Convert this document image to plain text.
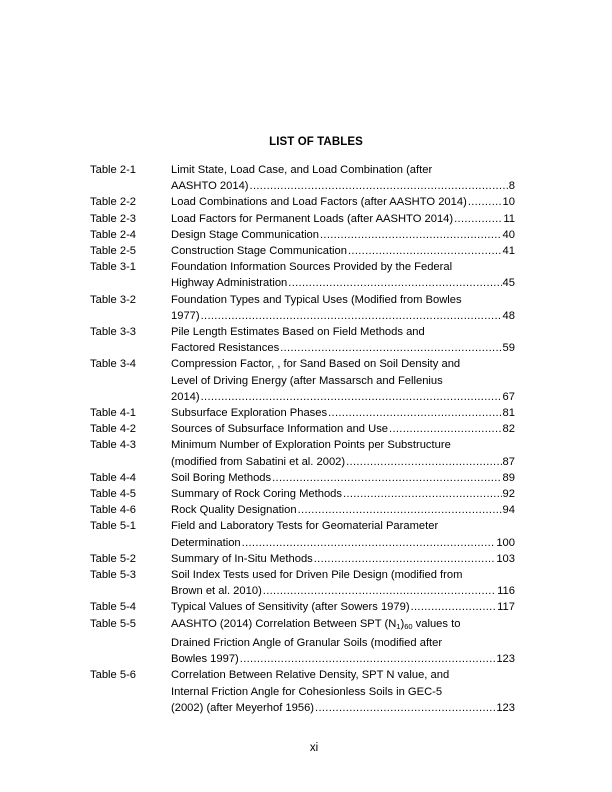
LIST OF TABLES
Table 2-1	Limit State, Load Case, and Load Combination (after
AASHTO 2014) . . .	8
Table 2-2	Load Combinations and Load Factors (after AASHTO 2014) . . .	10
Table 2-3	Load Factors for Permanent Loads (after AASHTO 2014) . . .	11
Table 2-4	Design Stage Communication . . .	40
Table 2-5	Construction Stage Communication . . .	41
Table 3-1	Foundation Information Sources Provided by the Federal
Highway Administration . . .	45
Table 3-2	Foundation Types and Typical Uses (Modified from Bowles
1977) . . .	48
Table 3-3	Pile Length Estimates Based on Field Methods and
Factored Resistances . . .	59
Table 3-4	Compression Factor, , for Sand Based on Soil Density and
Level of Driving Energy (after Massarsch and Fellenius
2014) . . .	67
Table 4-1	Subsurface Exploration Phases . . .	81
Table 4-2	Sources of Subsurface Information and Use . . .	82
Table 4-3	Minimum Number of Exploration Points per Substructure
(modified from Sabatini et al. 2002) . . .	87
Table 4-4	Soil Boring Methods . . .	89
Table 4-5	Summary of Rock Coring Methods . . .	92
Table 4-6	Rock Quality Designation . . .	94
Table 5-1	Field and Laboratory Tests for Geomaterial Parameter
Determination . . .	100
Table 5-2	Summary of In-Situ Methods . . .	103
Table 5-3	Soil Index Tests used for Driven Pile Design (modified from
Brown et al. 2010) . . .	116
Table 5-4	Typical Values of Sensitivity (after Sowers 1979) . . .	117
Table 5-5	AASHTO (2014) Correlation Between SPT $(N_1)_{60}$ values to
Drained Friction Angle of Granular Soils (modified after
Bowles 1997) . . .	123
Table 5-6	Correlation Between Relative Density, SPT N value, and
Internal Friction Angle for Cohesionless Soils in GEC-5
(2002) (after Meyerhof 1956) . . .	123
xi
